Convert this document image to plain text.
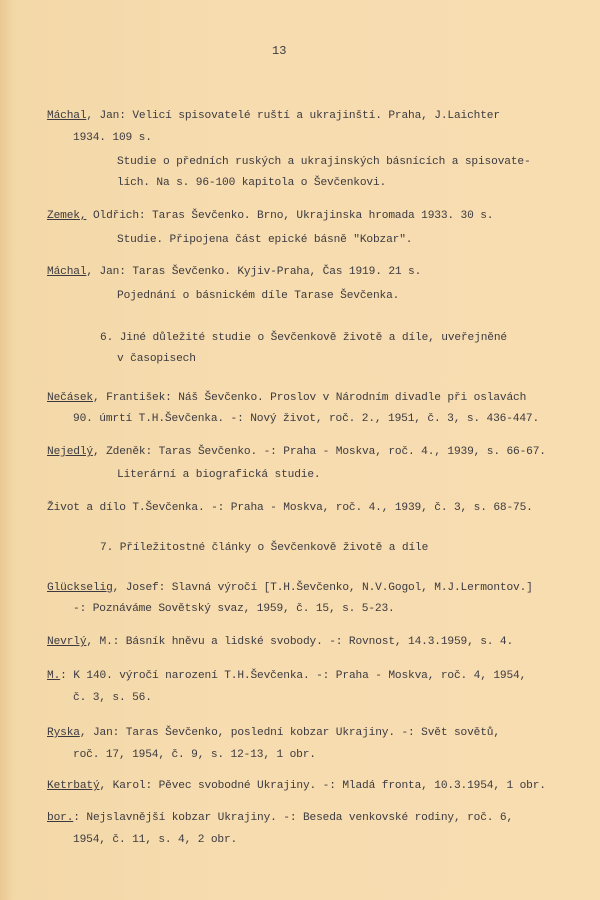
13
Máchal, Jan: Velicí spisovatelé ruští a ukrajinští. Praha, J.Laichter
1934. 109 s.
Studie o předních ruských a ukrajinských básnících a spisovate-
lích. Na s. 96-100 kapitola o Ševčenkovi.
Zemek, Oldřich: Taras Ševčenko. Brno, Ukrajinska hromada 1933. 30 s.
Studie. Připojena část epické básně "Kobzar".
Máchal, Jan: Taras Ševčenko. Kyjiv-Praha, Čas 1919. 21 s.
Pojednání o básnickém díle Tarase Ševčenka.
6. Jiné důležité studie o Ševčenkově životě a díle, uveřejněné
v časopisech
Nečásek, František: Náš Ševčenko. Proslov v Národním divadle při oslavách
90. úmrtí T.H.Ševčenka. -: Nový život, roč. 2., 1951, č. 3, s. 436-447.
Nejedlý, Zdeněk: Taras Ševčenko. -: Praha - Moskva, roč. 4., 1939, s. 66-67.
Literární a biografická studie.
Život a dílo T.Ševčenka. -: Praha - Moskva, roč. 4., 1939, č. 3, s. 68-75.
7. Příležitostné články o Ševčenkově životě a díle
Glückselig, Josef: Slavná výročí [T.H.Ševčenko, N.V.Gogol, M.J.Lermontov.]
-: Poznáváme Sovětský svaz, 1959, č. 15, s. 5-23.
Nevrlý, M.: Básník hněvu a lidské svobody. -: Rovnost, 14.3.1959, s. 4.
M.: K 140. výročí narození T.H.Ševčenka. -: Praha - Moskva, roč. 4, 1954,
č. 3, s. 56.
Ryska, Jan: Taras Ševčenko, poslední kobzar Ukrajiny. -: Svět sovětů,
roč. 17, 1954, č. 9, s. 12-13, 1 obr.
Ketrbatý, Karol: Pěvec svobodné Ukrajiny. -: Mladá fronta, 10.3.1954, 1 obr.
bor.: Nejslavnější kobzar Ukrajiny. -: Beseda venkovské rodiny, roč. 6,
1954, č. 11, s. 4, 2 obr.
